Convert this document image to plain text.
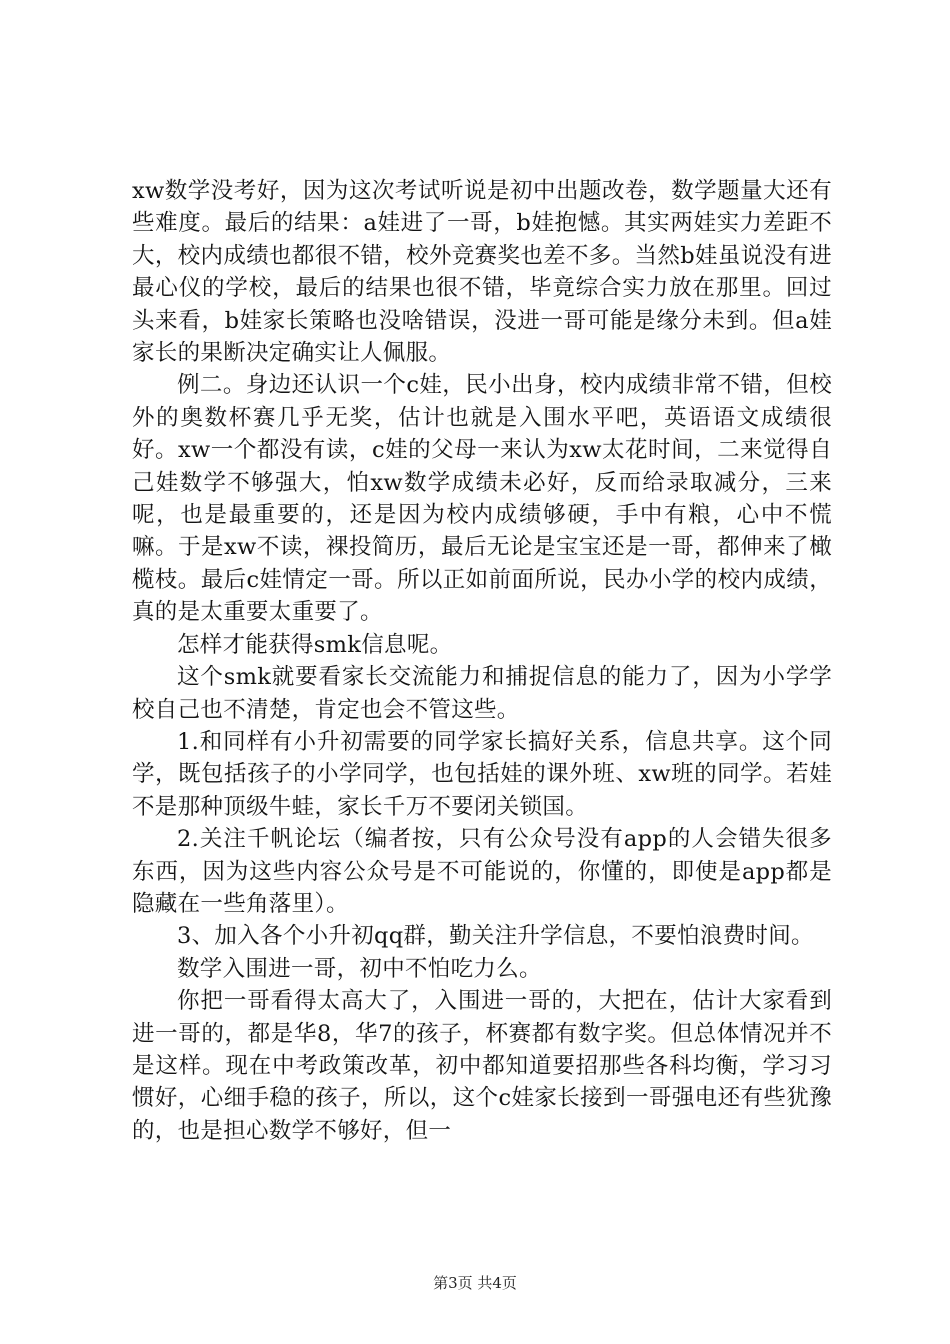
xw数学没考好，因为这次考试听说是初中出题改卷，数学题量大还有些难度。最后的结果：a娃进了一哥，b娃抱憾。其实两娃实力差距不大，校内成绩也都很不错，校外竞赛奖也差不多。当然b娃虽说没有进最心仪的学校，最后的结果也很不错，毕竟综合实力放在那里。回过头来看，b娃家长策略也没啥错误，没进一哥可能是缘分未到。但a娃家长的果断决定确实让人佩服。

例二。身边还认识一个c娃，民小出身，校内成绩非常不错，但校外的奥数杯赛几乎无奖，估计也就是入围水平吧，英语语文成绩很好。xw一个都没有读，c娃的父母一来认为xw太花时间，二来觉得自己娃数学不够强大，怕xw数学成绩未必好，反而给录取减分，三来呢，也是最重要的，还是因为校内成绩够硬，手中有粮，心中不慌嘛。于是xw不读，裸投简历，最后无论是宝宝还是一哥，都伸来了橄榄枝。最后c娃情定一哥。所以正如前面所说，民办小学的校内成绩，真的是太重要太重要了。

怎样才能获得smk信息呢。

这个smk就要看家长交流能力和捕捉信息的能力了，因为小学学校自己也不清楚，肯定也会不管这些。

1.和同样有小升初需要的同学家长搞好关系，信息共享。这个同学，既包括孩子的小学同学，也包括娃的课外班、xw班的同学。若娃不是那种顶级牛蛙，家长千万不要闭关锁国。

2.关注千帆论坛（编者按，只有公众号没有app的人会错失很多东西，因为这些内容公众号是不可能说的，你懂的，即使是app都是隐藏在一些角落里）。

3、加入各个小升初qq群，勤关注升学信息，不要怕浪费时间。

数学入围进一哥，初中不怕吃力么。

你把一哥看得太高大了，入围进一哥的，大把在，估计大家看到进一哥的，都是华8，华7的孩子，杯赛都有数字奖。但总体情况并不是这样。现在中考政策改革，初中都知道要招那些各科均衡，学习习惯好，心细手稳的孩子，所以，这个c娃家长接到一哥强电还有些犹豫的，也是担心数学不够好，但一

第3页 共4页
